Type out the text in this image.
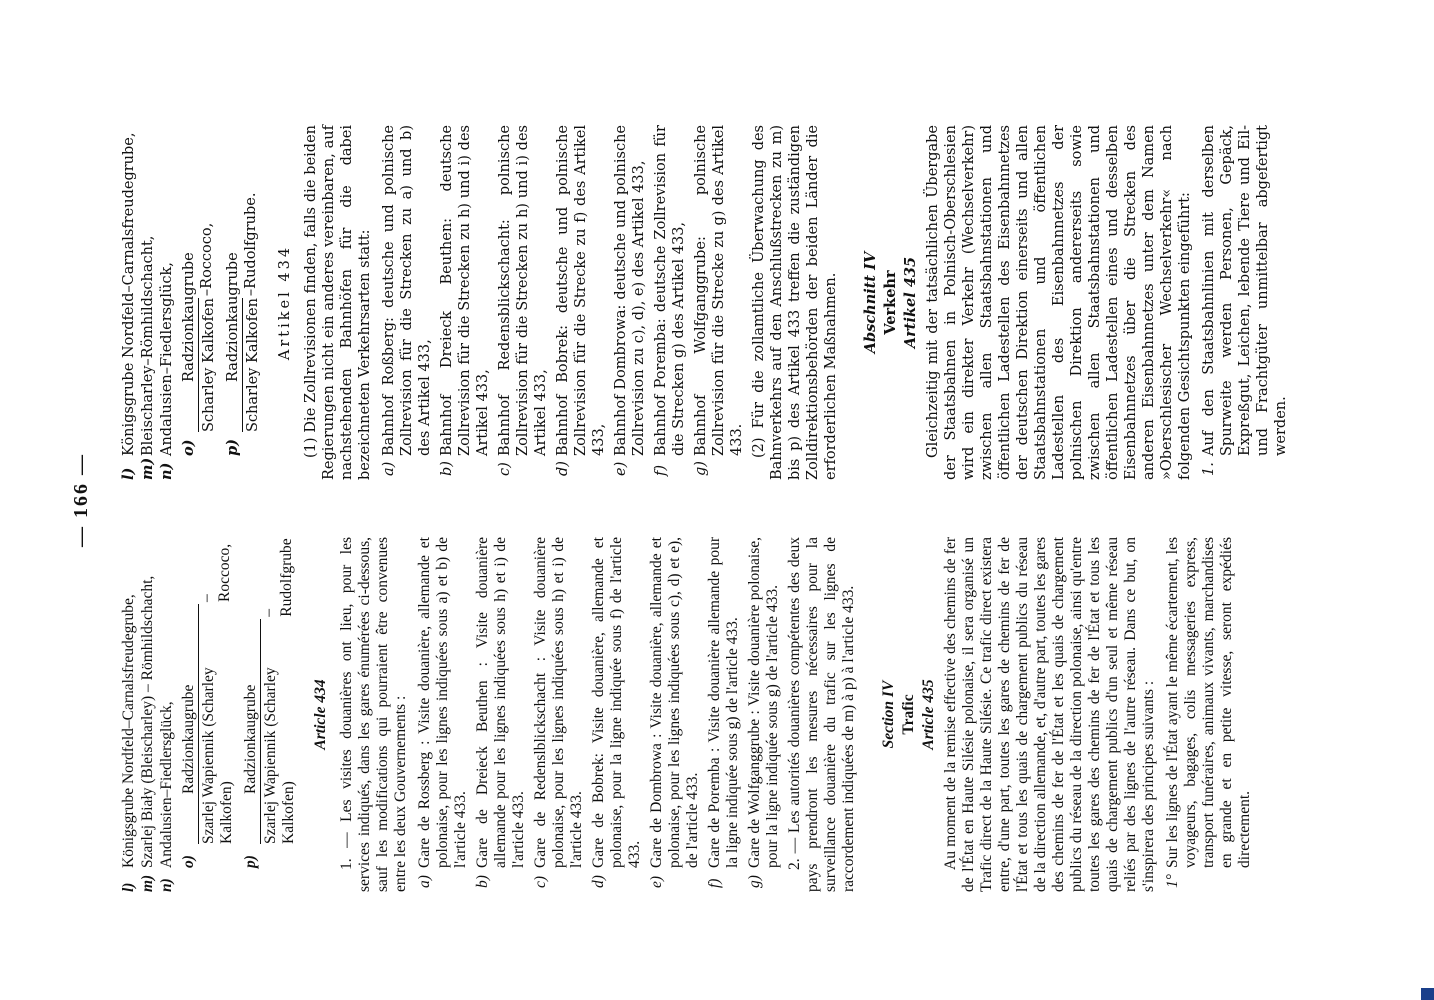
— 166 —
l)
Königsgrube Nordfeld–Carnalsfreudegrube,
m)
Szarlej Biały (Bleischarley) – Römhildschacht,
n)
Andalusien–Fiedlersglück, o)
Radzionkaugrube Szarlej Wapiennik (Scharley Kalkofen)
–Roccoco,
p)
Radzionkaugrube Szarlej Wapiennik (Scharley Kalkofen)
–Rudolfgrube
Article 434 1. — Les visites douanières ont lieu, pour les services indiqués, dans les gares énumérées ci-dessous, sauf les modifications qui pourraient être convenues entre les deux Gouvernements : a)
Gare de Rossberg : Visite douanière, allemande et polonaise, pour les lignes indiquées sous a) et b) de l'article 433.
b)
Gare de Dreieck Beuthen : Visite douanière allemande pour les lignes indiquées sous h) et i) de l'article 433.
c)
Gare de Redenslblickschacht : Visite douanière polonaise, pour les lignes indiquées sous h) et i) de l'article 433.
d)
Gare de Bobrek: Visite douanière, allemande et polonaise, pour la ligne indiquée sous f) de l'article 433.
e)
Gare de Dombrowa : Visite douanière, allemande et polonaise, pour les lignes indiquées sous c), d) et e), de l'article 433.
f)
Gare de Poremba : Visite douanière allemande pour la ligne indiquée sous g) de l'article 433.
g)
Gare de Wolfganggrube : Visite douanière polonaise, pour la ligne indiquée sous g) de l'article 433. 2. — Les autorités douanières compétentes des deux pays prendront les mesures nécessaires pour la surveillance douanière du trafic sur les lignes de raccordement indiquées de m) à p) à l'article 433. Section IV Trafic Article 435 Au moment de la remise effective des chemins de fer de l'État en Haute Silésie polonaise, il sera organisé un Trafic direct de la Haute Silésie. Ce trafic direct existera entre, d'une part, toutes les gares de chemins de fer de l'État et tous les quais de chargement publics du réseau de la direction allemande, et, d'autre part, toutes les gares des chemins de fer de l'État et les quais de chargement publics du réseau de la direction polonaise, ainsi qu'entre toutes les gares des chemins de fer de l'État et tous les quais de chargement publics d'un seul et même réseau reliés par des lignes de l'autre réseau. Dans ce but, on s'inspirera des principes suivants : 1°
Sur les lignes de l'État ayant le même écartement, les voyageurs, bagages, colis messageries express, transport funéraires, animaux vivants, marchandises en grande et en petite vitesse, seront expédiés directement.
l)
Königsgrube Nordfeld–Carnalsfreudegrube,
m)
Bleischarley–Römhildschacht,
n)
Andalusien–Fiedlersglück, o)
Radzionkaugrube Scharley Kalkofen
–Roccoco,
p)
Radzionkaugrube Scharley Kalkofen
–Rudolfgrube.
Artikel 434 (1) Die Zollrevisionen finden, falls die beiden Regierungen nicht ein anderes vereinbaren, auf nachstehenden Bahnhöfen für die dabei bezeichneten Verkehrsarten statt: a)
Bahnhof Roßberg: deutsche und polnische Zollrevision für die Strecken zu a) und b) des Artikel 433,
b)
Bahnhof Dreieck Beuthen: deutsche Zollrevision für die Strecken zu h) und i) des Artikel 433,
c)
Bahnhof Redensblickschacht: polnische Zollrevision für die Strecken zu h) und i) des Artikel 433,
d)
Bahnhof Bobrek: deutsche und polnische Zollrevision für die Strecke zu f) des Artikel 433,
e)
Bahnhof Dombrowa: deutsche und polnische Zollrevision zu c), d), e) des Artikel 433,
f)
Bahnhof Poremba: deutsche Zollrevision für die Strecken g) des Artikel 433,
g)
Bahnhof Wolfganggrube: polnische Zollrevision für die Strecke zu g) des Artikel 433. (2) Für die zollamtliche Überwachung des Bahnverkehrs auf den Anschlußstrecken zu m) bis p) des Artikel 433 treffen die zuständigen Zolldirektionsbehörden der beiden Länder die erforderlichen Maßnahmen. Abschnitt IV Verkehr Artikel 435 Gleichzeitig mit der tatsächlichen Übergabe der Staatsbahnen in Polnisch-Oberschlesien wird ein direkter Verkehr (Wechselverkehr) zwischen allen Staatsbahnstationen und öffentlichen Ladestellen des Eisenbahnnetzes der deutschen Direktion einerseits und allen Staatsbahnstationen und öffentlichen Ladestellen des Eisenbahnnetzes der polnischen Direktion andererseits sowie zwischen allen Staatsbahnstationen und öffentlichen Ladestellen eines und desselben Eisenbahnnetzes über die Strecken des anderen Eisenbahnnetzes unter dem Namen »Oberschlesischer Wechselverkehr« nach folgenden Gesichtspunkten eingeführt: 1.
Auf den Staatsbahnlinien mit derselben Spurweite werden Personen, Gepäck, Expreßgut, Leichen, lebende Tiere und Eil- und Frachtgüter unmittelbar abgefertigt werden.
